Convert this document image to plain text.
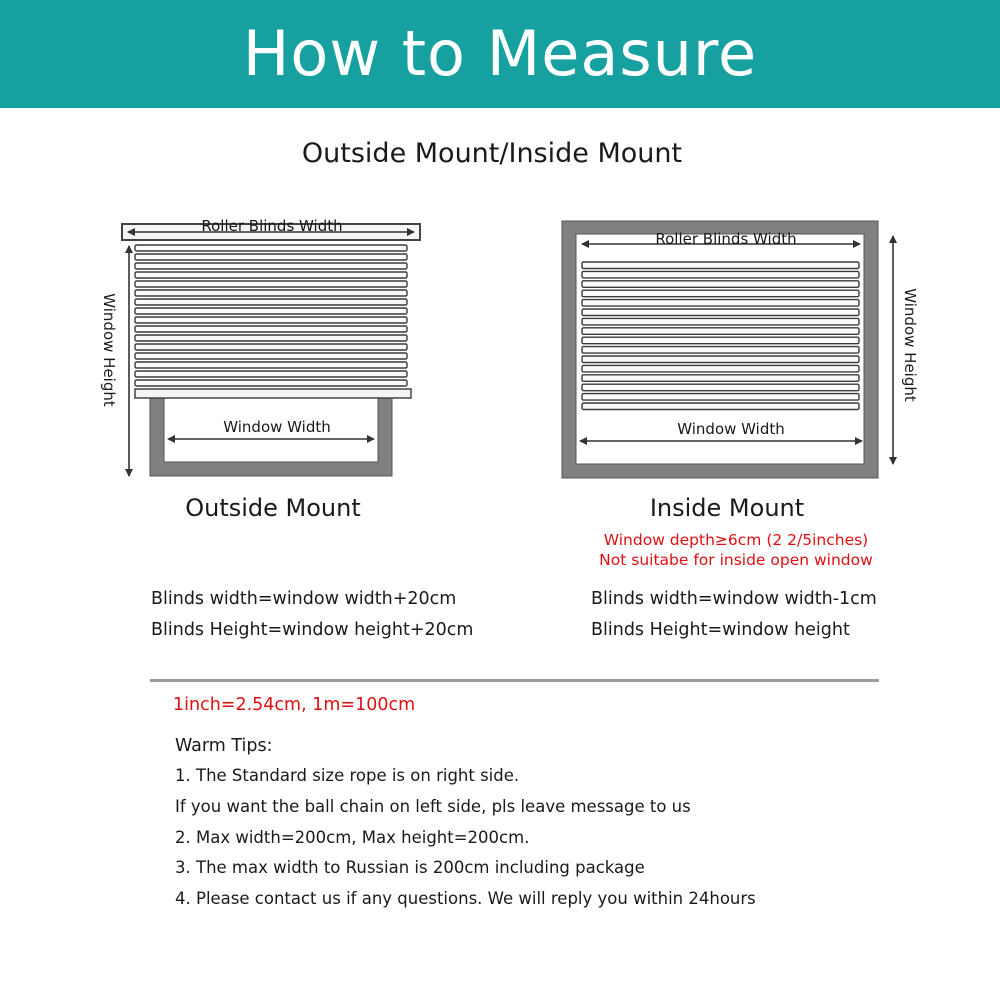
How to Measure
Outside Mount/Inside Mount
Roller Blinds Width
Window Height
Window Width
Roller Blinds Width
Window Width
Window Height
Outside Mount	Inside Mount
Window depth≥6cm (2 2/5inches)
Not suitabe for inside open window
Blinds width=window width+20cm
Blinds Height=window height+20cm
Blinds width=window width-1cm
Blinds Height=window height
1inch=2.54cm, 1m=100cm
Warm Tips:
1. The Standard size rope is on right side.
If you want the ball chain on left side, pls leave message to us
2. Max width=200cm, Max height=200cm.
3. The max width to Russian is 200cm including package
4. Please contact us if any questions. We will reply you within 24hours
